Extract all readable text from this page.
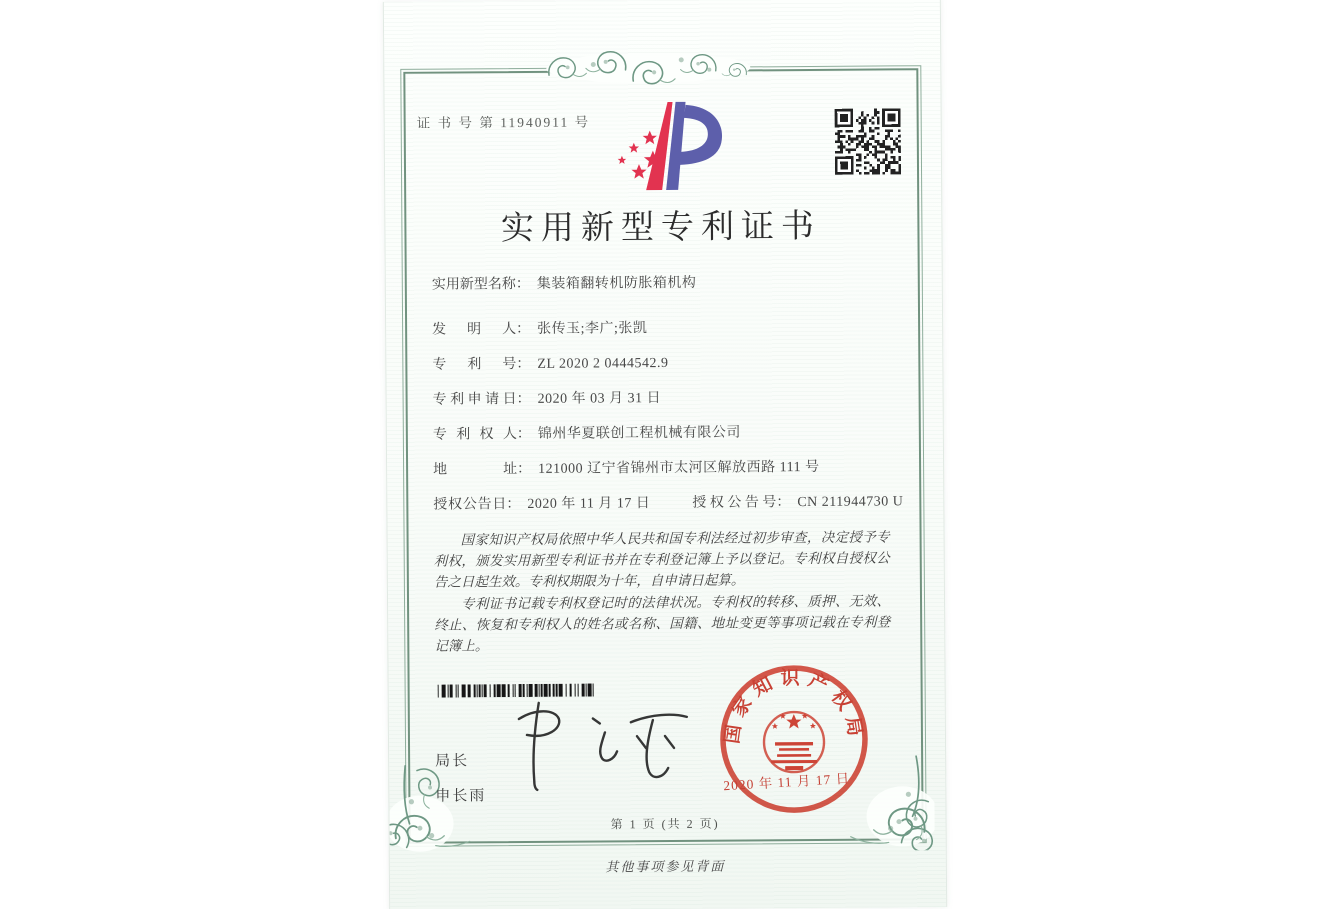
证 书 号 第 11940911 号
实用新型专利证书
实用新型名称 ： 集装箱翻转机防胀箱机构
发明人 ： 张传玉;李广;张凯
专利号 ： ZL 2020 2 0444542.9
专利申请日 ： 2020 年 03 月 31 日
专利权人 ： 锦州华夏联创工程机械有限公司
地址 ： 121000 辽宁省锦州市太河区解放西路 111 号
授权公告日 ： 2020 年 11 月 17 日	授权公告号 ： CN 211944730 U

国家知识产权局依照中华人民共和国专利法经过初步审查，决定授予专利权，颁发实用新型专利证书并在专利登记簿上予以登记。专利权自授权公告之日起生效。专利权期限为十年，自申请日起算。

专利证书记载专利权登记时的法律状况。专利权的转移、质押、无效、终止、恢复和专利权人的姓名或名称、国籍、地址变更等事项记载在专利登记簿上。

局长
申长雨
国家知识产权局
2020 年 11 月 17 日
第 1 页 (共 2 页)
其他事项参见背面
